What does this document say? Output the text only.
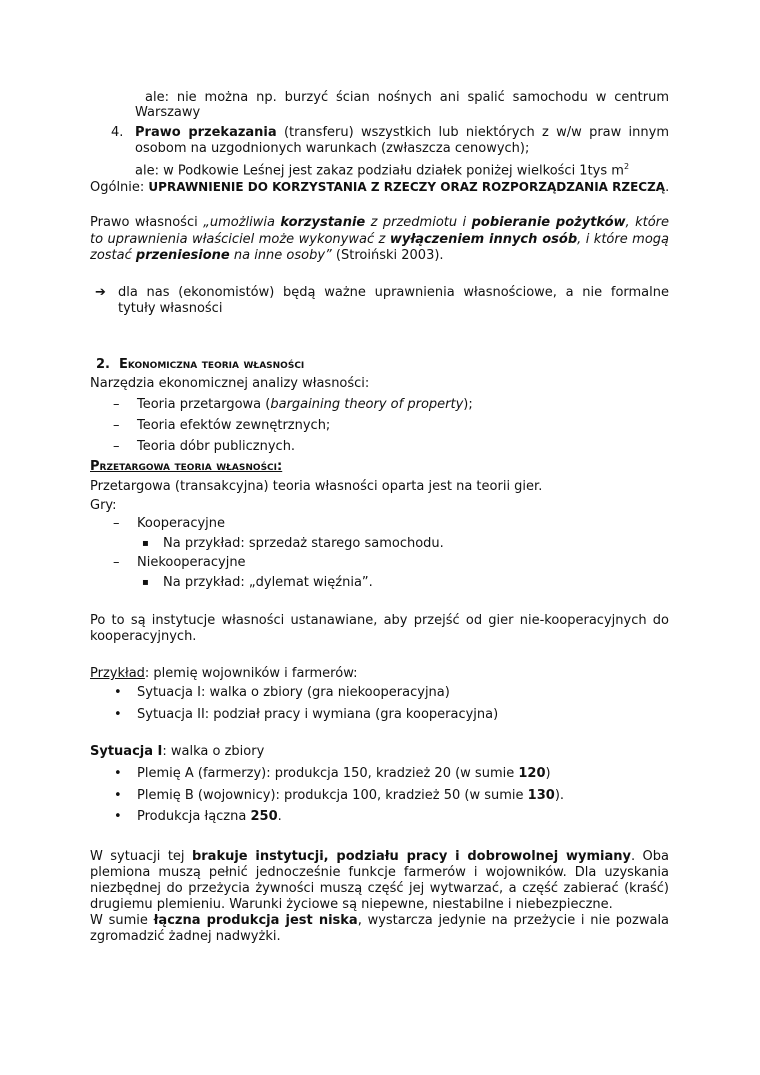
ale: nie można np. burzyć ścian nośnych ani spalić samochodu w centrum
Warszawy
4. Prawo przekazania (transferu) wszystkich lub niektórych z w/w praw innym osobom na uzgodnionych warunkach (zwłaszcza cenowych);
ale: w Podkowie Leśnej jest zakaz podziału działek poniżej wielkości 1tys $m^2$
Ogólnie: UPRAWNIENIE DO KORZYSTANIA Z RZECZY ORAZ ROZPORZĄDZANIA RZECZĄ.
Prawo własności „umożliwia korzystanie z przedmiotu i pobieranie pożytków, które to uprawnienia właściciel może wykonywać z wyłączeniem innych osób, i które mogą zostać przeniesione na inne osoby” (Stroiński 2003).
➔ dla nas (ekonomistów) będą ważne uprawnienia własnościowe, a nie formalne tytuły własności
2. Ekonomiczna teoria własności
Narzędzia ekonomicznej analizy własności:
– Teoria przetargowa (bargaining theory of property);
– Teoria efektów zewnętrznych;
– Teoria dóbr publicznych.
Przetargowa teoria własności:
Przetargowa (transakcyjna) teoria własności oparta jest na teorii gier.
Gry:
– Kooperacyjne
▪ Na przykład: sprzedaż starego samochodu.
– Niekooperacyjne
▪ Na przykład: „dylemat więźnia”.
Po to są instytucje własności ustanawiane, aby przejść od gier nie-kooperacyjnych do kooperacyjnych.
Przykład: plemię wojowników i farmerów:
• Sytuacja I: walka o zbiory (gra niekooperacyjna)
• Sytuacja II: podział pracy i wymiana (gra kooperacyjna)
Sytuacja I: walka o zbiory
• Plemię A (farmerzy): produkcja 150, kradzież 20 (w sumie 120)
• Plemię B (wojownicy): produkcja 100, kradzież 50 (w sumie 130).
• Produkcja łączna 250.
W sytuacji tej brakuje instytucji, podziału pracy i dobrowolnej wymiany. Oba plemiona muszą pełnić jednocześnie funkcje farmerów i wojowników. Dla uzyskania niezbędnej do przeżycia żywności muszą część jej wytwarzać, a część zabierać (kraść) drugiemu plemieniu. Warunki życiowe są niepewne, niestabilne i niebezpieczne.
W sumie łączna produkcja jest niska, wystarcza jedynie na przeżycie i nie pozwala zgromadzić żadnej nadwyżki.
